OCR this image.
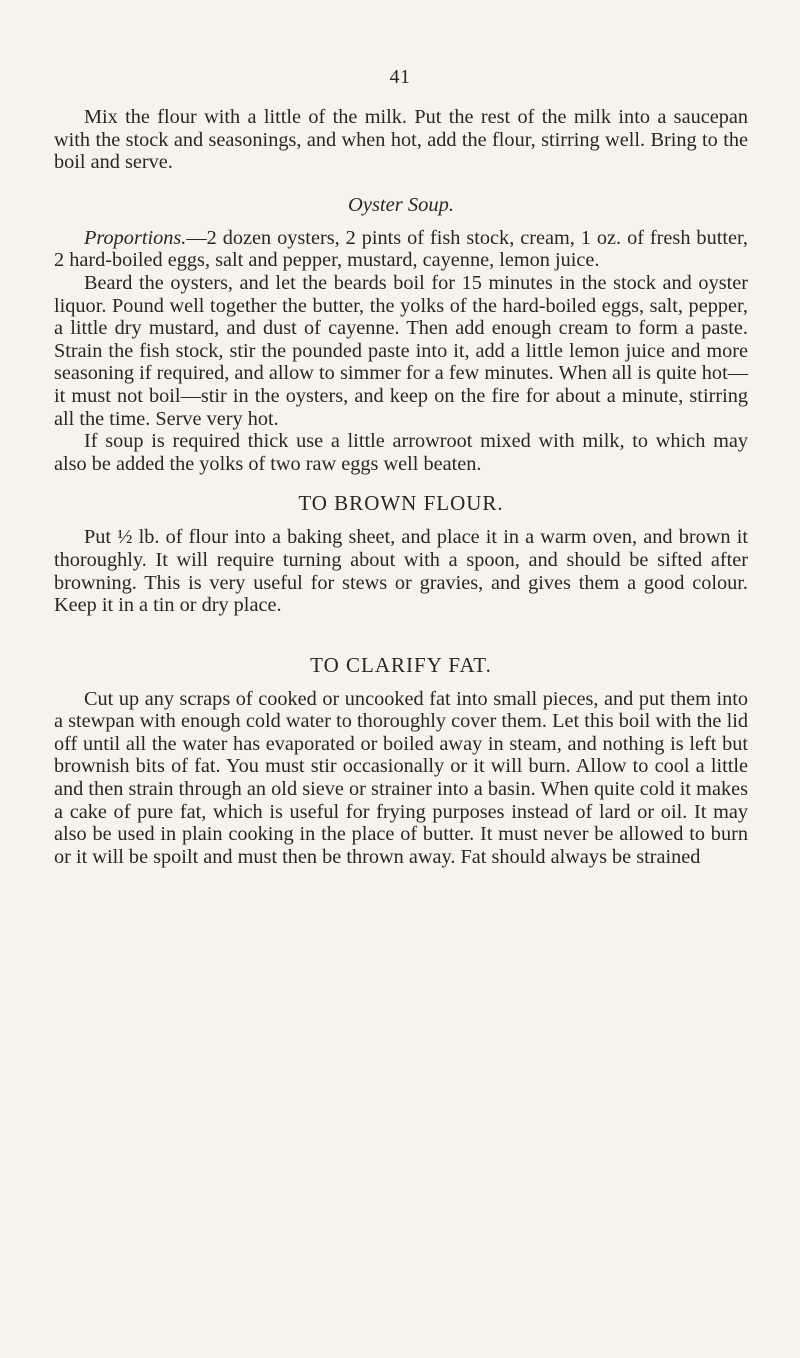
41

Mix the flour with a little of the milk. Put the rest of the milk into a saucepan with the stock and seasonings, and when hot, add the flour, stirring well. Bring to the boil and serve.

Oyster Soup.

Proportions.—2 dozen oysters, 2 pints of fish stock, cream, 1 oz. of fresh butter, 2 hard-boiled eggs, salt and pepper, mustard, cayenne, lemon juice.

Beard the oysters, and let the beards boil for 15 minutes in the stock and oyster liquor. Pound well together the butter, the yolks of the hard-boiled eggs, salt, pepper, a little dry mustard, and dust of cayenne. Then add enough cream to form a paste. Strain the fish stock, stir the pounded paste into it, add a little lemon juice and more seasoning if required, and allow to simmer for a few minutes. When all is quite hot—it must not boil—stir in the oysters, and keep on the fire for about a minute, stirring all the time. Serve very hot.

If soup is required thick use a little arrowroot mixed with milk, to which may also be added the yolks of two raw eggs well beaten.

TO BROWN FLOUR.

Put ½ lb. of flour into a baking sheet, and place it in a warm oven, and brown it thoroughly. It will require turning about with a spoon, and should be sifted after browning. This is very useful for stews or gravies, and gives them a good colour. Keep it in a tin or dry place.

TO CLARIFY FAT.

Cut up any scraps of cooked or uncooked fat into small pieces, and put them into a stewpan with enough cold water to thoroughly cover them. Let this boil with the lid off until all the water has evaporated or boiled away in steam, and nothing is left but brownish bits of fat. You must stir occasionally or it will burn. Allow to cool a little and then strain through an old sieve or strainer into a basin. When quite cold it makes a cake of pure fat, which is useful for frying purposes instead of lard or oil. It may also be used in plain cooking in the place of butter. It must never be allowed to burn or it will be spoilt and must then be thrown away. Fat should always be strained
